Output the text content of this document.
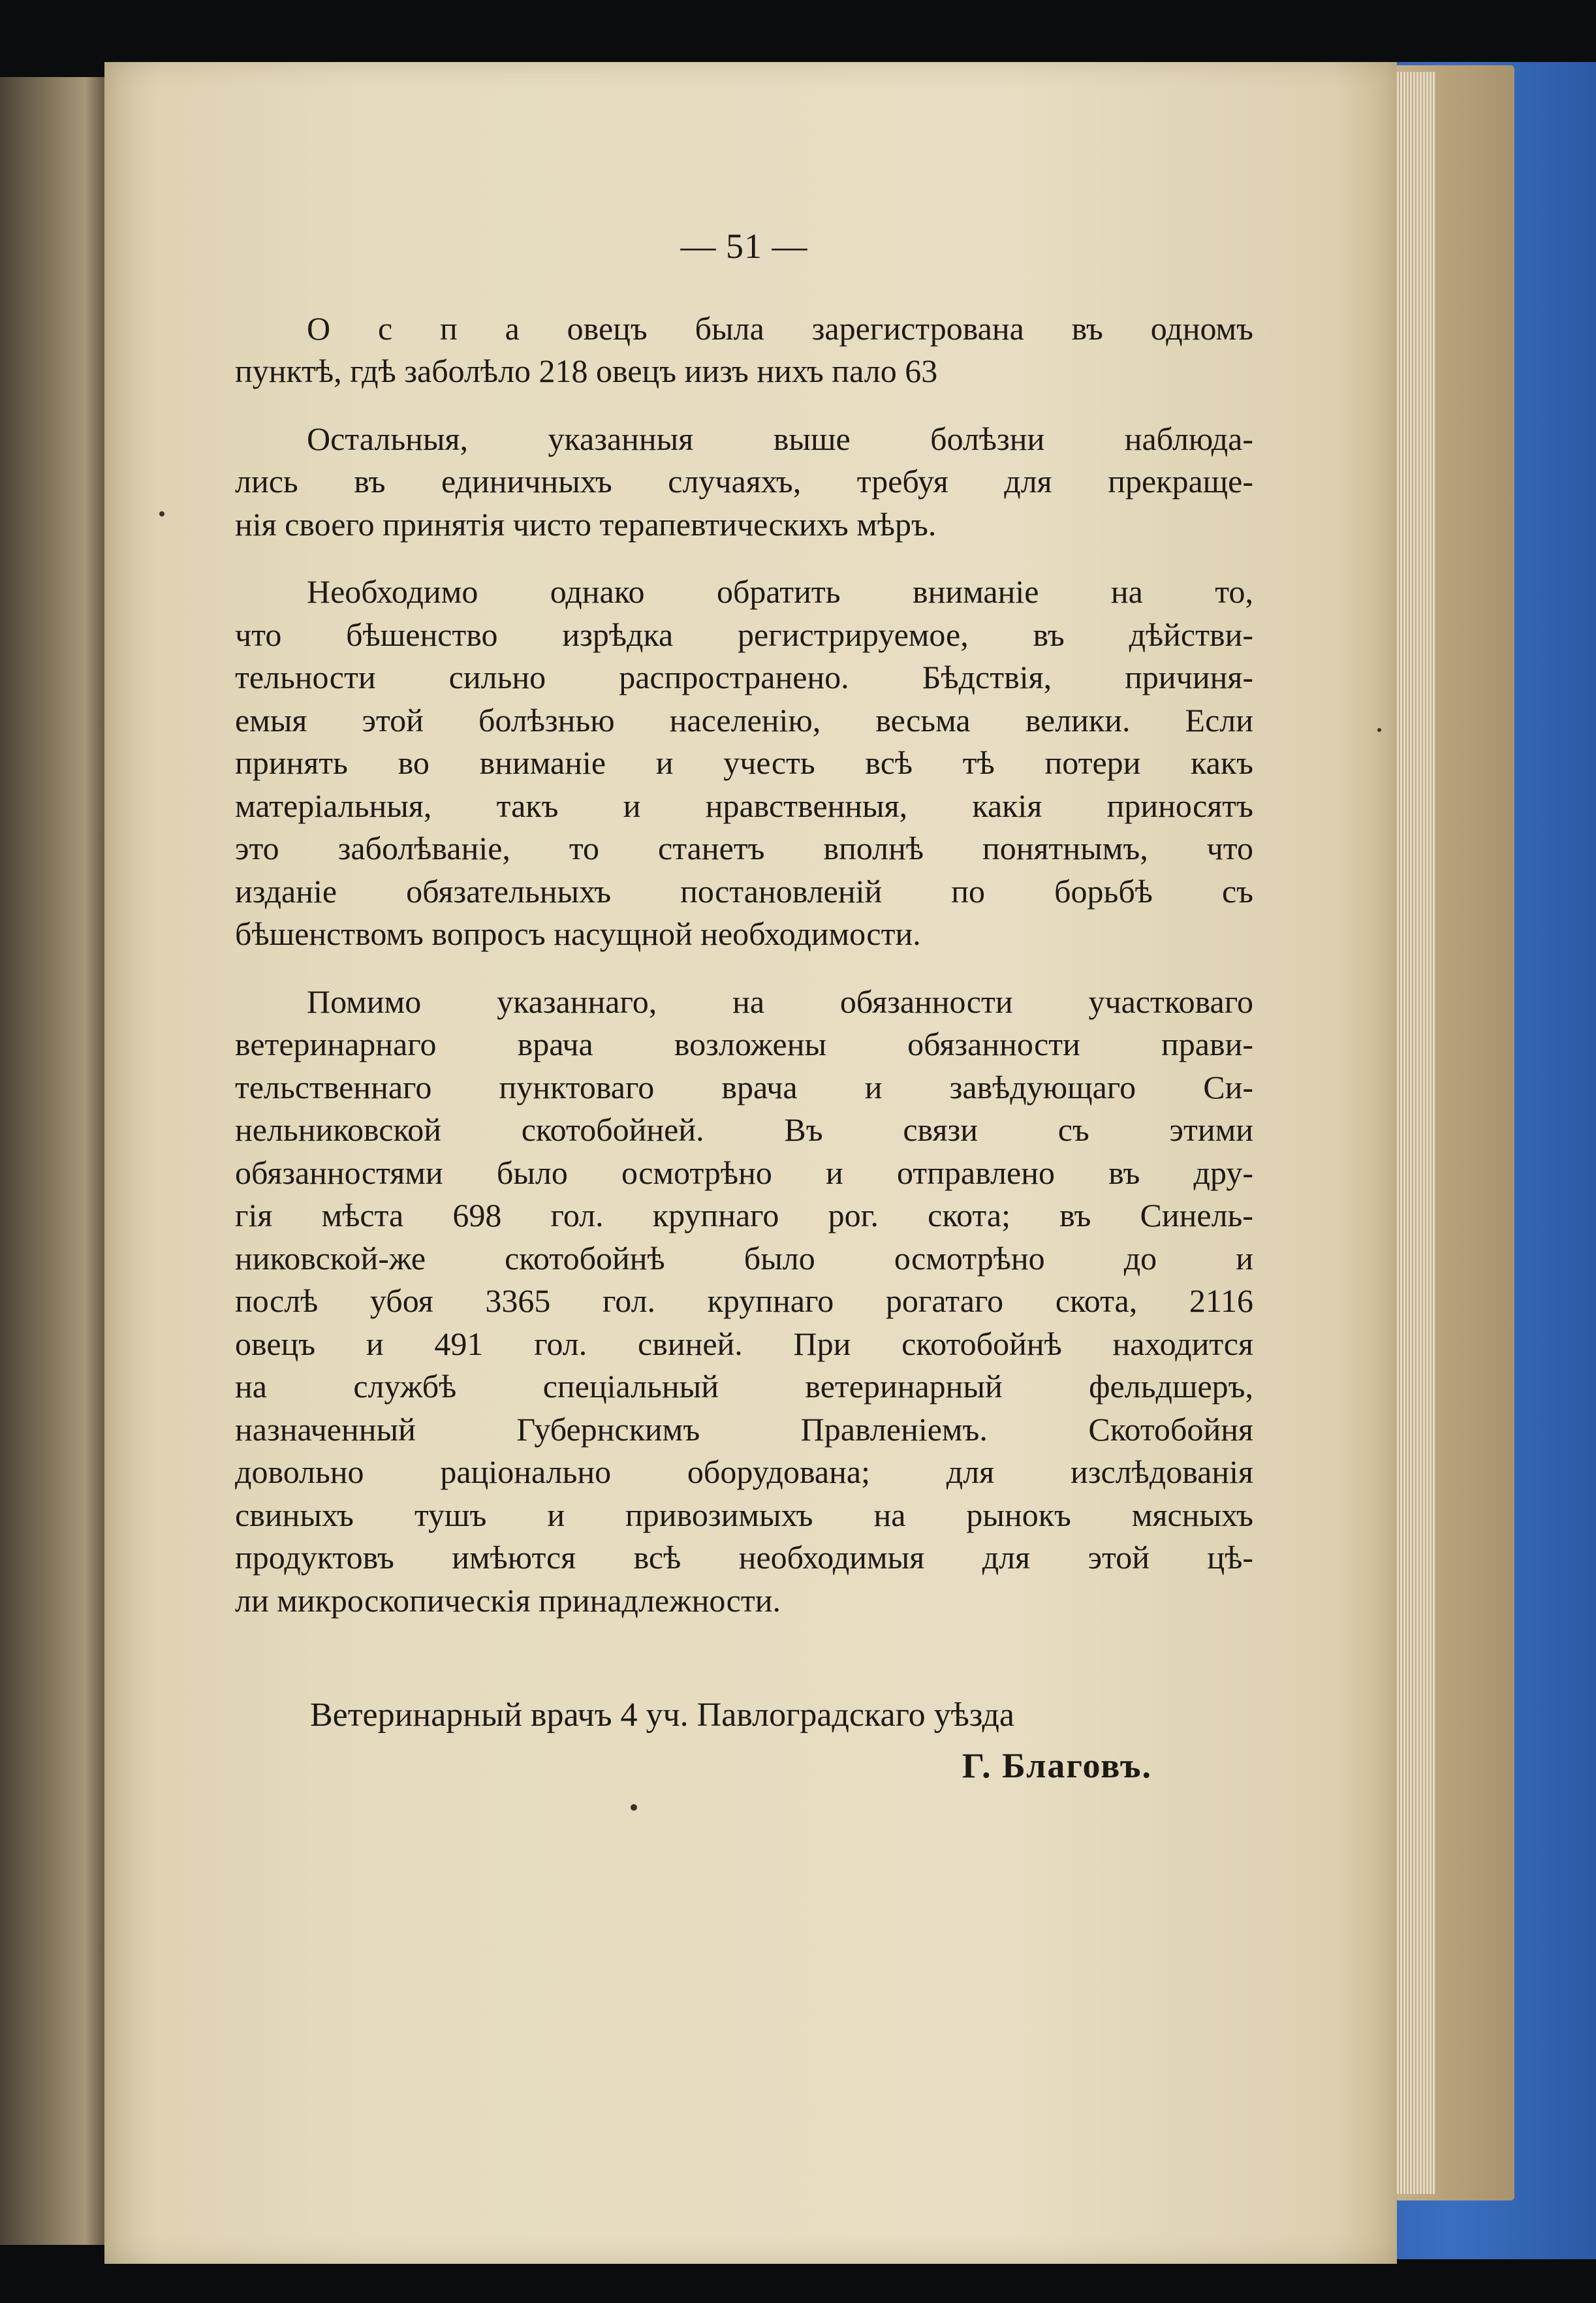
— 51 —
О с п а овецъ была зарегистрована въ одномъ
пунктѣ, гдѣ заболѣло 218 овецъ иизъ нихъ пало 63
Остальныя, указанныя выше болѣзни наблюда-
лись въ единичныхъ случаяхъ, требуя для прекраще-
нія своего принятія чисто терапевтическихъ мѣръ.
Необходимо однако обратить вниманіе на то,
что бѣшенство изрѣдка регистрируемое, въ дѣйстви-
тельности сильно распространено. Бѣдствія, причиня-
емыя этой болѣзнью населенію, весьма велики. Если
принять во вниманіе и учесть всѣ тѣ потери какъ
матеріальныя, такъ и нравственныя, какія приносятъ
это заболѣваніе, то станетъ вполнѣ понятнымъ, что
изданіе обязательныхъ постановленій по борьбѣ съ
бѣшенствомъ вопросъ насущной необходимости.
Помимо указаннаго, на обязанности участковаго
ветеринарнаго врача возложены обязанности прави-
тельственнаго пунктоваго врача и завѣдующаго Си-
нельниковской скотобойней. Въ связи съ этими
обязанностями было осмотрѣно и отправлено въ дру-
гія мѣста 698 гол. крупнаго рог. скота; въ Синель-
никовской-же скотобойнѣ было осмотрѣно до и
послѣ убоя 3365 гол. крупнаго рогатаго скота, 2116
овецъ и 491 гол. свиней. При скотобойнѣ находится
на службѣ спеціальный ветеринарный фельдшеръ,
назначенный Губернскимъ Правленіемъ. Скотобойня
довольно раціонально оборудована; для изслѣдованія
свиныхъ тушъ и привозимыхъ на рынокъ мясныхъ
продуктовъ имѣются всѣ необходимыя для этой цѣ-
ли микроскопическія принадлежности.
Ветеринарный врачъ 4 уч. Павлоградскаго уѣзда
Г. Благовъ.
